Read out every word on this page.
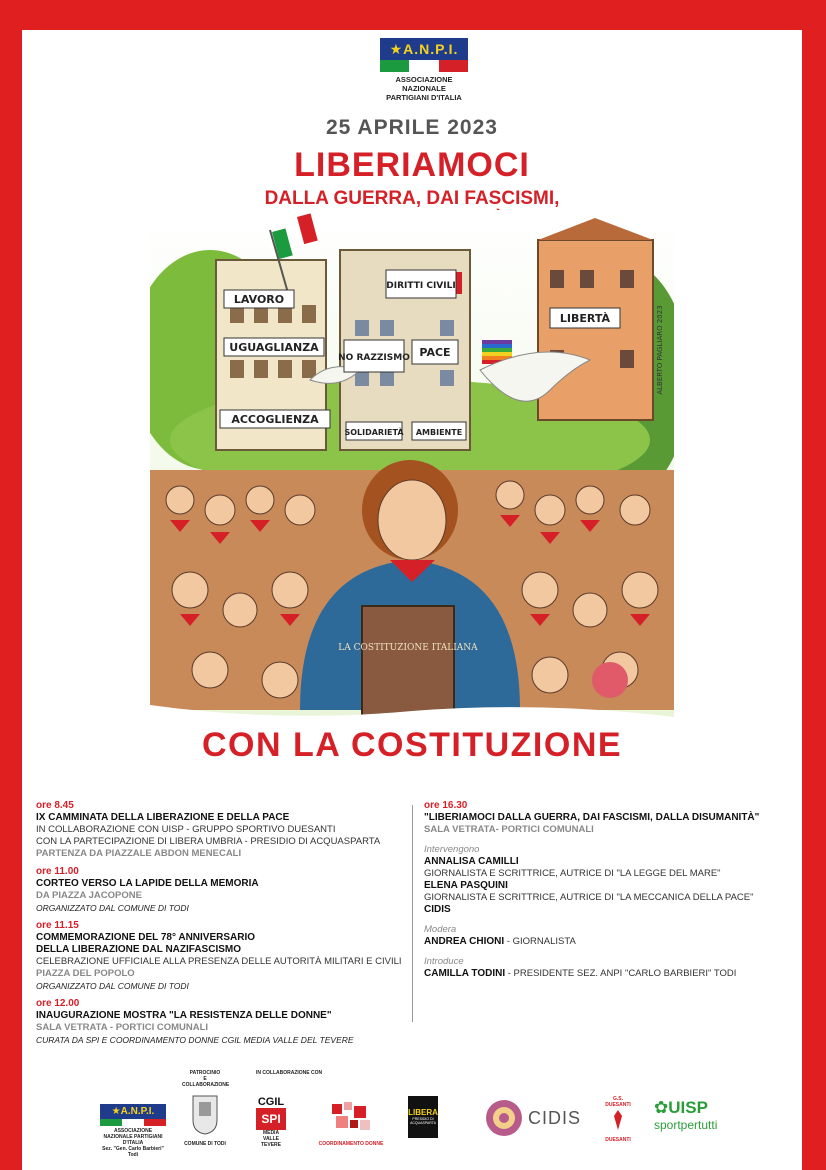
★A.N.P.I.
ASSOCIAZIONE NAZIONALE
PARTIGIANI D'ITALIA
25 APRILE 2023
LIBERIAMOCI
DALLA GUERRA, DAI FASCISMI,
LAVORO
UGUAGLIANZA
DIRITTI CIVILI
NO RAZZISMO PACE
ACCOGLIENZA
SOLIDARIETÀ AMBIENTE
LIBERTÀ	ALBERTO PAGLIARO 2023
LA COSTITUZIONE ITALIANA
CON LA COSTITUZIONE
ore 8.45
IX CAMMINATA DELLA LIBERAZIONE E DELLA PACE
IN COLLABORAZIONE CON UISP - GRUPPO SPORTIVO DUESANTI
CON LA PARTECIPAZIONE DI LIBERA UMBRIA - PRESIDIO DI ACQUASPARTA
PARTENZA DA PIAZZALE ABDON MENECALI
ore 11.00
CORTEO VERSO LA LAPIDE DELLA MEMORIA
DA PIAZZA JACOPONE
ORGANIZZATO DAL COMUNE DI TODI
ore 11.15
COMMEMORAZIONE DEL 78° ANNIVERSARIO
DELLA LIBERAZIONE DAL NAZIFASCISMO
CELEBRAZIONE UFFICIALE ALLA PRESENZA DELLE AUTORITÀ MILITARI E CIVILI
PIAZZA DEL POPOLO
ORGANIZZATO DAL COMUNE DI TODI
ore 12.00
INAUGURAZIONE MOSTRA "LA RESISTENZA DELLE DONNE"
SALA VETRATA - PORTICI COMUNALI
CURATA DA SPI E COORDINAMENTO DONNE CGIL MEDIA VALLE DEL TEVERE
ore 16.30
"LIBERIAMOCI DALLA GUERRA, DAI FASCISMI, DALLA DISUMANITÀ"
SALA VETRATA- PORTICI COMUNALI
Intervengono
ANNALISA CAMILLI
GIORNALISTA E SCRITTRICE, AUTRICE DI "LA LEGGE DEL MARE"
ELENA PASQUINI
GIORNALISTA E SCRITTRICE, AUTRICE DI "LA MECCANICA DELLA PACE"
CIDIS
Modera
ANDREA CHIONI - GIORNALISTA
Introduce
CAMILLA TODINI - PRESIDENTE SEZ. ANPI "CARLO BARBIERI" TODI
★A.N.P.I.
ASSOCIAZIONE NAZIONALE PARTIGIANI D'ITALIA
Sez. "Gen. Carlo Barbieri" Todi
PATROCINIO
E COLLABORAZIONE
COMUNE DI TODI
IN COLLABORAZIONE CON
CGIL
SPI
MEDIA VALLE
TEVERE	COORDINAMENTO DONNE
LIBERA
PRESIDIO DI ACQUASPARTA	CIDIS
G.S.
DUESANTI
DUESANTI
✿UISP
sportpertutti
